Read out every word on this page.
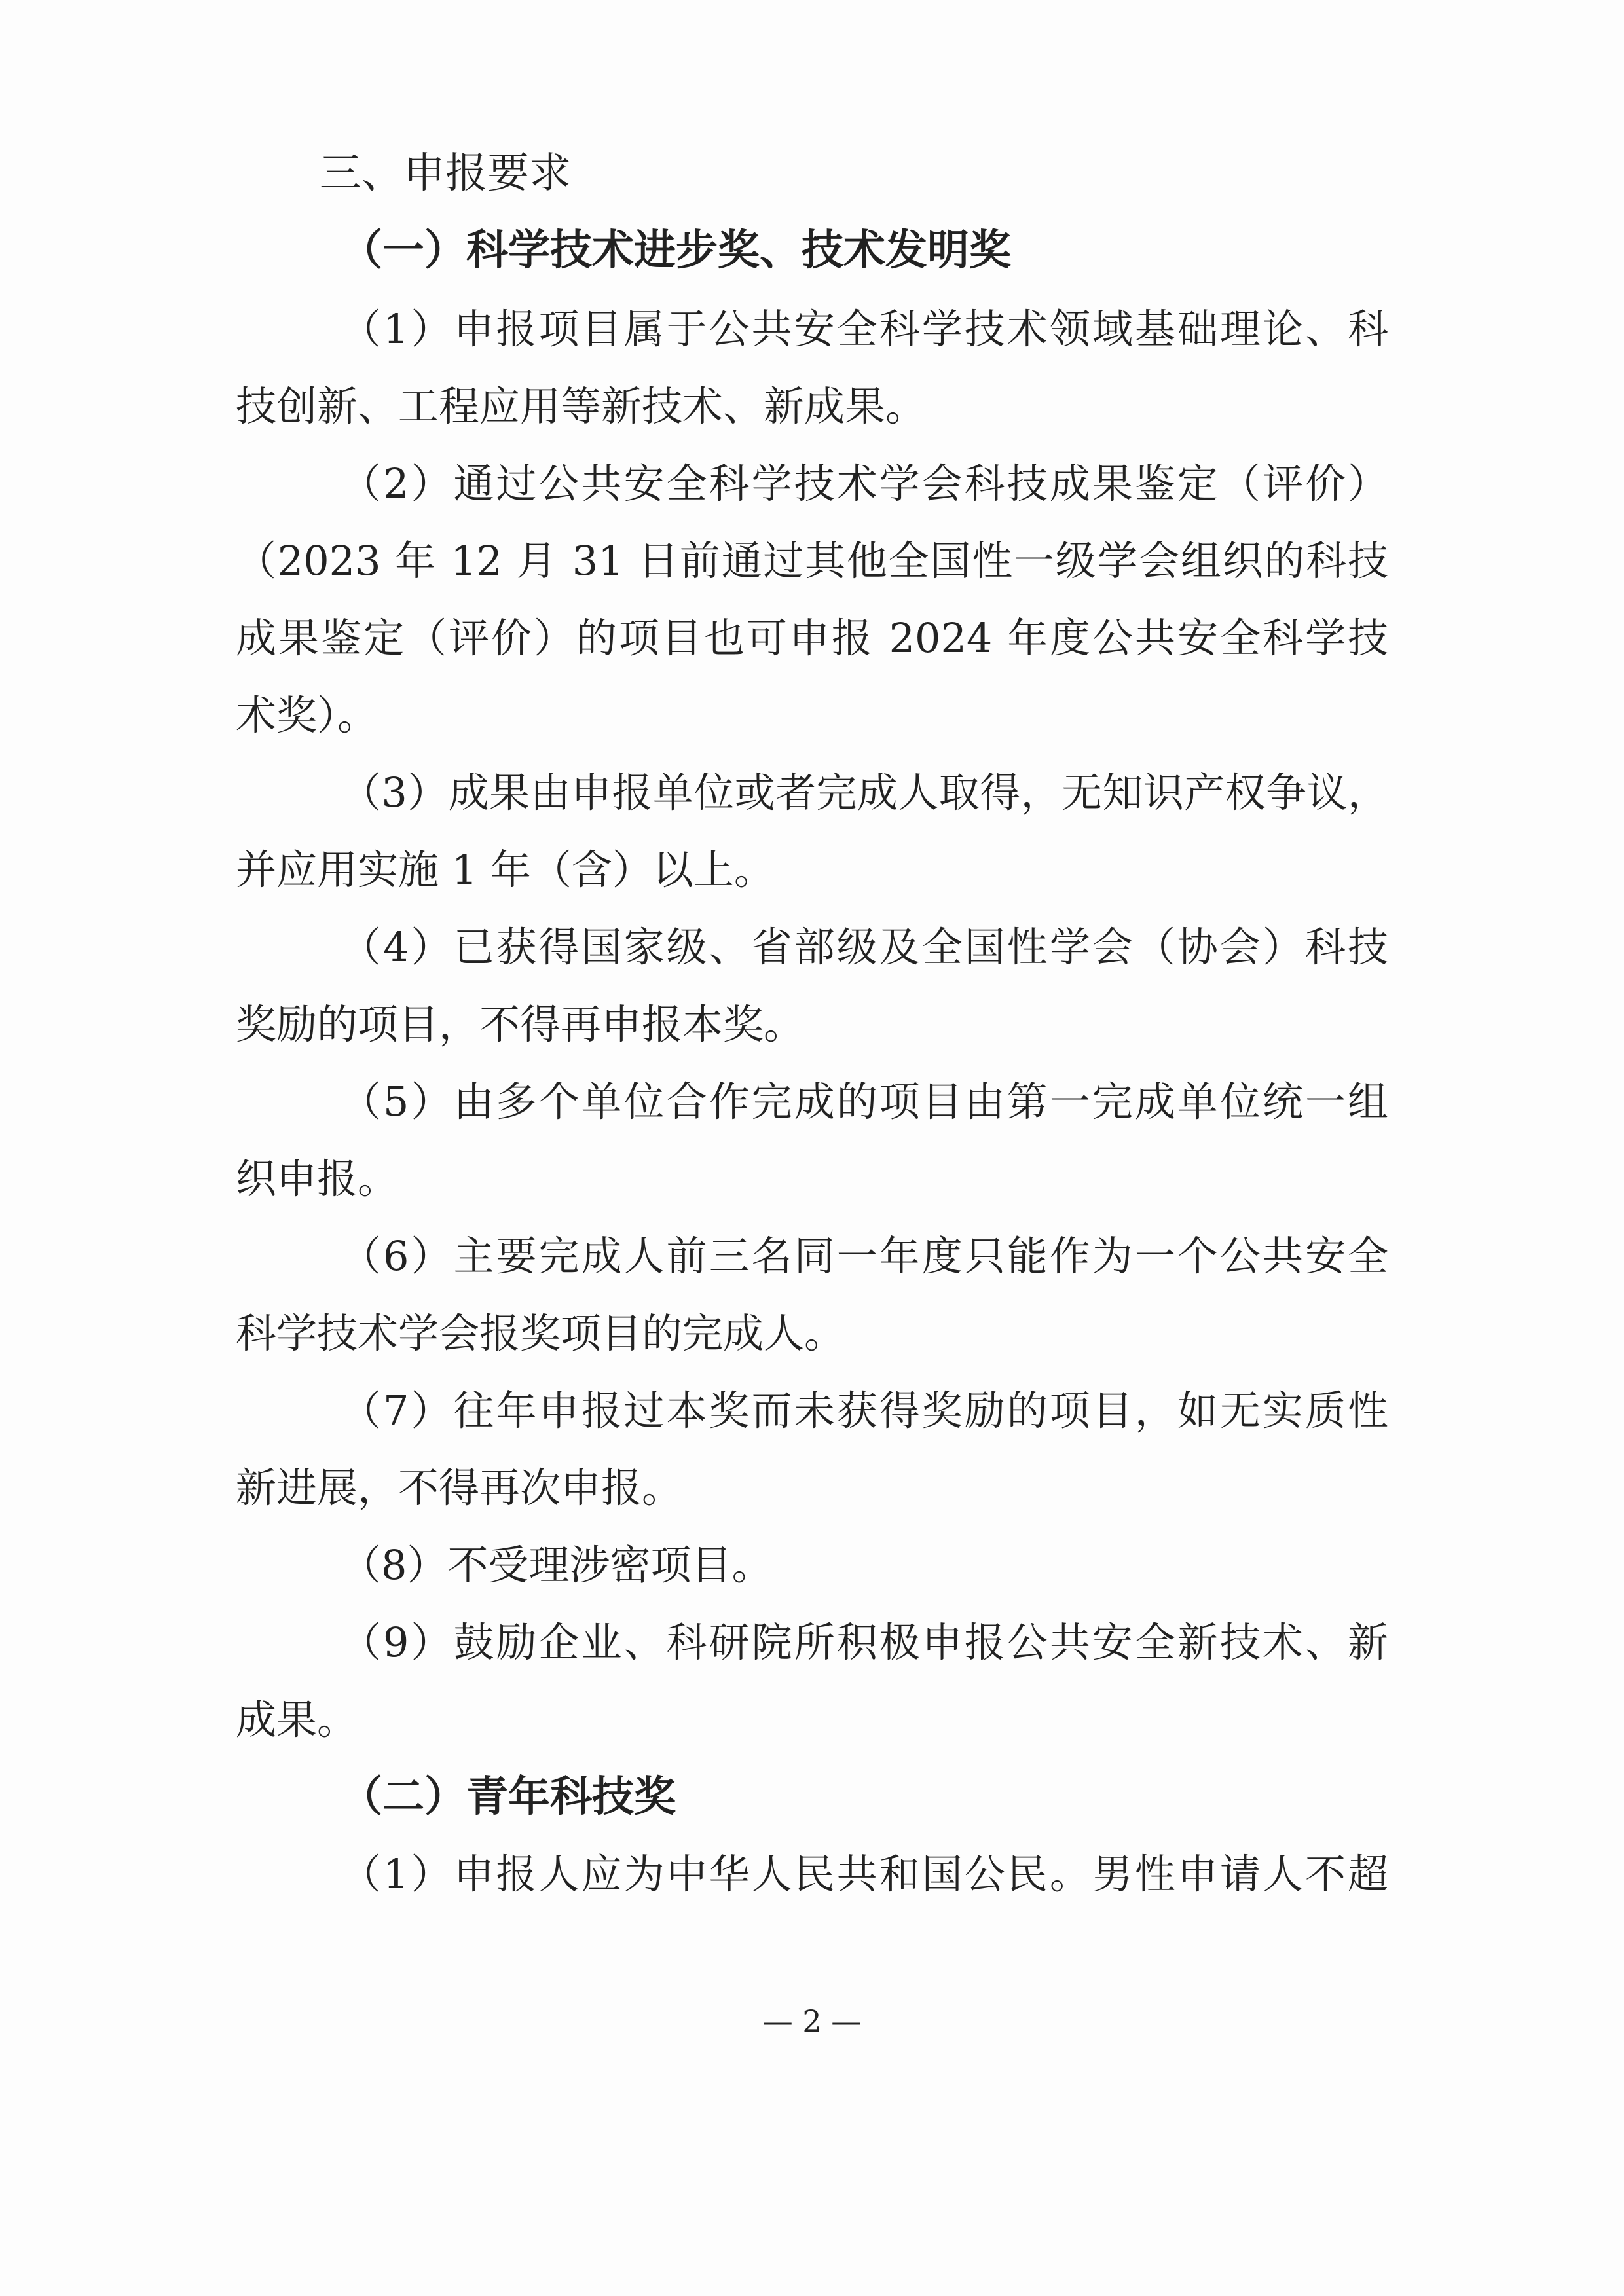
三、申报要求
（一）科学技术进步奖、技术发明奖
（1）申报项目属于公共安全科学技术领域基础理论、科
技创新、工程应用等新技术、新成果。
（2）通过公共安全科学技术学会科技成果鉴定（评价）
（2023 年 12 月 31 日前通过其他全国性一级学会组织的科技
成果鉴定（评价）的项目也可申报 2024 年度公共安全科学技
术奖）。
（3）成果由申报单位或者完成人取得，无知识产权争议，
并应用实施 1 年（含）以上。
（4）已获得国家级、省部级及全国性学会（协会）科技
奖励的项目，不得再申报本奖。
（5）由多个单位合作完成的项目由第一完成单位统一组
织申报。
（6）主要完成人前三名同一年度只能作为一个公共安全
科学技术学会报奖项目的完成人。
（7）往年申报过本奖而未获得奖励的项目，如无实质性
新进展，不得再次申报。
（8）不受理涉密项目。
（9）鼓励企业、科研院所积极申报公共安全新技术、新
成果。
（二）青年科技奖
（1）申报人应为中华人民共和国公民。男性申请人不超
— 2 —
